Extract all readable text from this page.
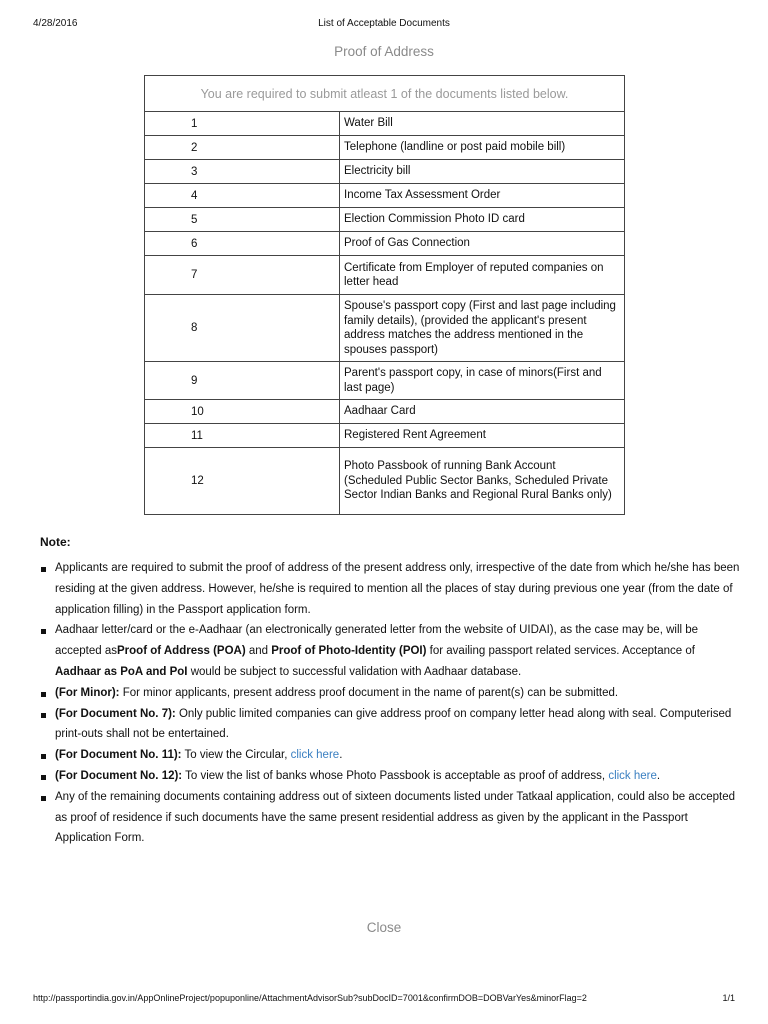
4/28/2016	List of Acceptable Documents
Proof of Address
You are required to submit atleast 1 of the documents listed below.	
1	Water Bill
2	Telephone (landline or post paid mobile bill)
3	Electricity bill
4	Income Tax Assessment Order
5	Election Commission Photo ID card
6	Proof of Gas Connection
7	Certificate from Employer of reputed companies on letter head
8	Spouse's passport copy (First and last page including family details), (provided the applicant's present address matches the address mentioned in the spouses passport)
9	Parent's passport copy, in case of minors(First and last page)
10	Aadhaar Card
11	Registered Rent Agreement
12	Photo Passbook of running Bank Account (Scheduled Public Sector Banks, Scheduled Private Sector Indian Banks and Regional Rural Banks only)
Note:
Applicants are required to submit the proof of address of the present address only, irrespective of the date from which he/she has been residing at the given address. However, he/she is required to mention all the places of stay during previous one year (from the date of application filling) in the Passport application form.
Aadhaar letter/card or the e-Aadhaar (an electronically generated letter from the website of UIDAI), as the case may be, will be accepted asProof of Address (POA) and Proof of Photo-Identity (POI) for availing passport related services. Acceptance of Aadhaar as PoA and PoI would be subject to successful validation with Aadhaar database.
(For Minor): For minor applicants, present address proof document in the name of parent(s) can be submitted.
(For Document No. 7): Only public limited companies can give address proof on company letter head along with seal. Computerised print-outs shall not be entertained.
(For Document No. 11): To view the Circular, click here.
(For Document No. 12): To view the list of banks whose Photo Passbook is acceptable as proof of address, click here.
Any of the remaining documents containing address out of sixteen documents listed under Tatkaal application, could also be accepted as proof of residence if such documents have the same present residential address as given by the applicant in the Passport Application Form.
Close
http://passportindia.gov.in/AppOnlineProject/popuponline/AttachmentAdvisorSub?subDocID=7001&confirmDOB=DOBVarYes&minorFlag=2	1/1
